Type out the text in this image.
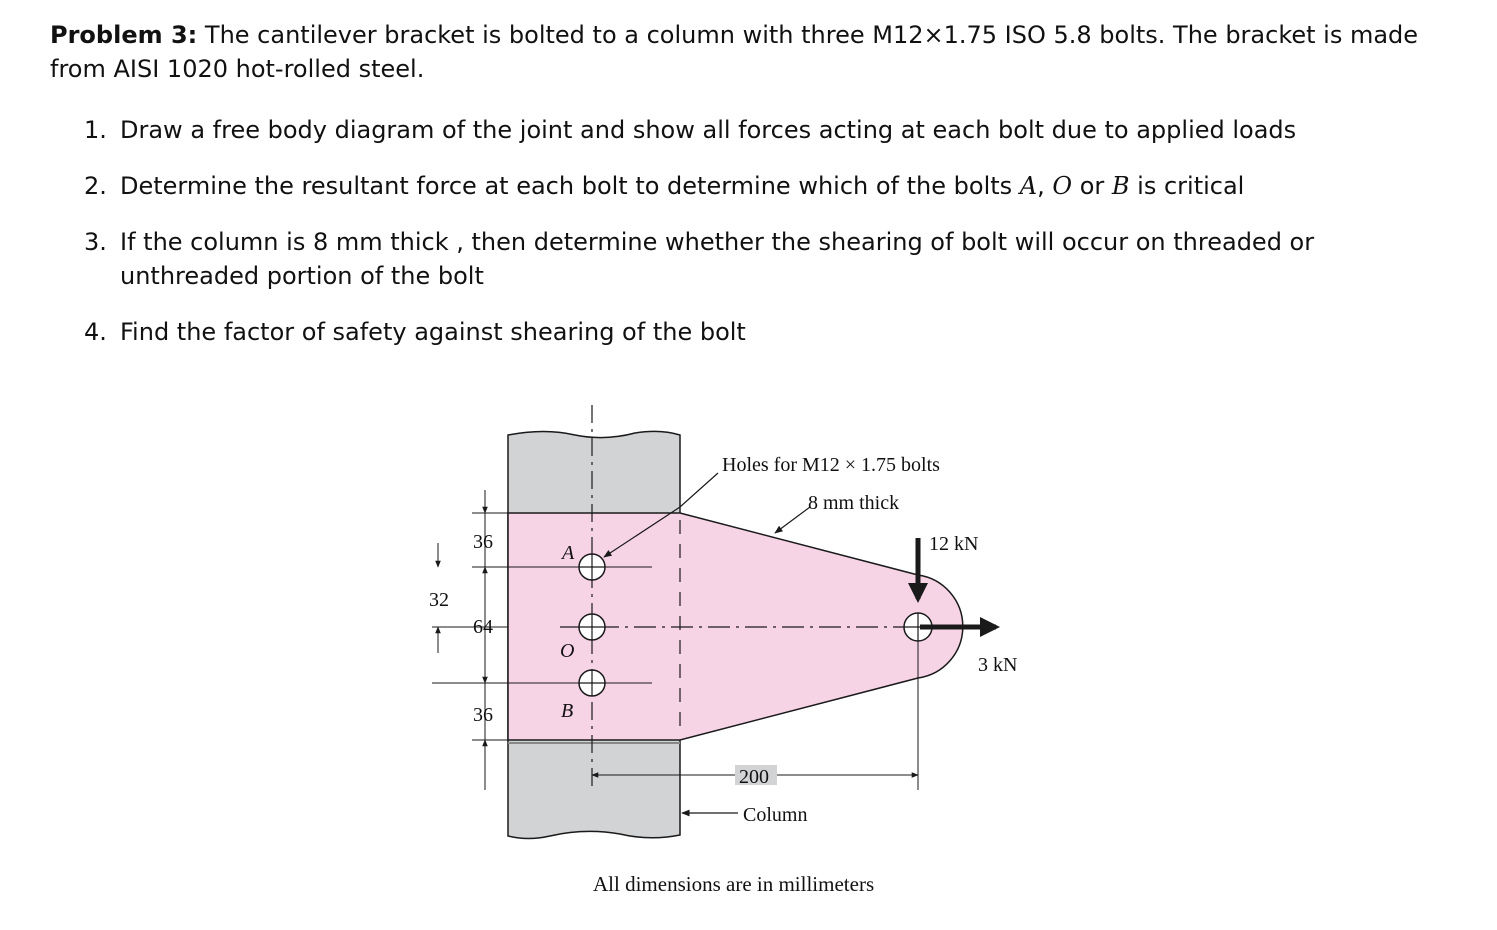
Problem 3: The cantilever bracket is bolted to a column with three M12×1.75 ISO 5.8 bolts. The bracket is made from AISI 1020 hot-rolled steel.
1. Draw a free body diagram of the joint and show all forces acting at each bolt due to applied loads
2. Determine the resultant force at each bolt to determine which of the bolts A, O or B is critical
3. If the column is 8 mm thick , then determine whether the shearing of bolt will occur on threaded or unthreaded portion of the bolt
4. Find the factor of safety against shearing of the bolt
Holes for M12 × 1.75 bolts
8 mm thick
12 kN
3 kN
A
O
B
36
64
36
32
200
Column
All dimensions are in millimeters
